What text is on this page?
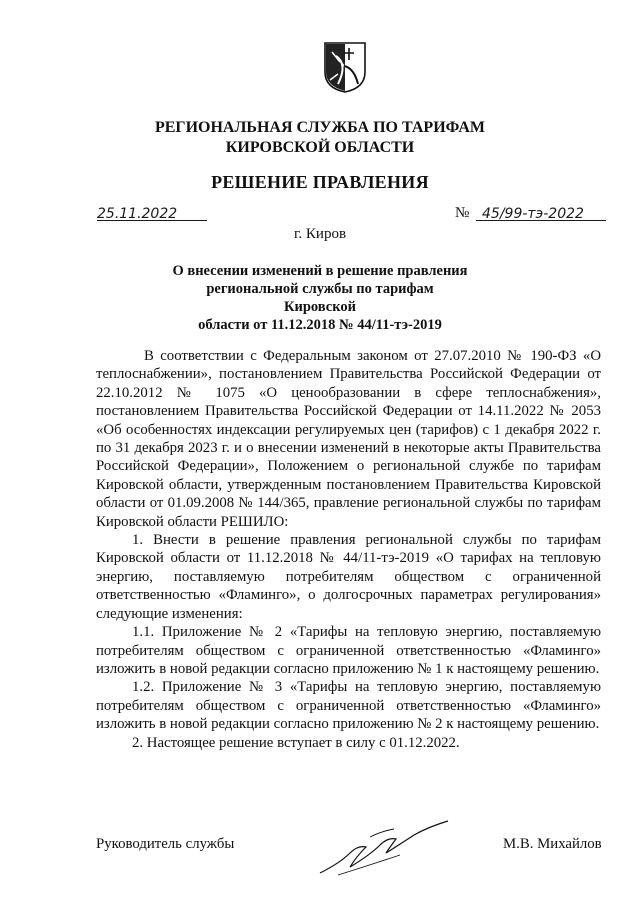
РЕГИОНАЛЬНАЯ СЛУЖБА ПО ТАРИФАМ
КИРОВСКОЙ ОБЛАСТИ
РЕШЕНИЕ ПРАВЛЕНИЯ
25.11.2022	№ 45/99-тэ-2022
г. Киров
О внесении изменений в решение правления
региональной службы по тарифам Кировской
области от 11.12.2018 № 44/11-тэ-2019

В соответствии с Федеральным законом от 27.07.2010 № 190-ФЗ «О теплоснабжении», постановлением Правительства Российской Федерации от 22.10.2012 № 1075 «О ценообразовании в сфере теплоснабжения», постановлением Правительства Российской Федерации от 14.11.2022 № 2053 «Об особенностях индексации регулируемых цен (тарифов) с 1 декабря 2022 г. по 31 декабря 2023 г. и о внесении изменений в некоторые акты Правительства Российской Федерации», Положением о региональной службе по тарифам Кировской области, утвержденным постановлением Правительства Кировской области от 01.09.2008 № 144/365, правление региональной службы по тарифам Кировской области РЕШИЛО:

1. Внести в решение правления региональной службы по тарифам Кировской области от 11.12.2018 № 44/11-тэ-2019 «О тарифах на тепловую энергию, поставляемую потребителям обществом с ограниченной ответственностью «Фламинго», о долгосрочных параметрах регулирования» следующие изменения:

1.1. Приложение № 2 «Тарифы на тепловую энергию, поставляемую потребителям обществом с ограниченной ответственностью «Фламинго» изложить в новой редакции согласно приложению № 1 к настоящему решению.

1.2. Приложение № 3 «Тарифы на тепловую энергию, поставляемую потребителям обществом с ограниченной ответственностью «Фламинго» изложить в новой редакции согласно приложению № 2 к настоящему решению.

2. Настоящее решение вступает в силу с 01.12.2022.

Руководитель службы	М.В. Михайлов
